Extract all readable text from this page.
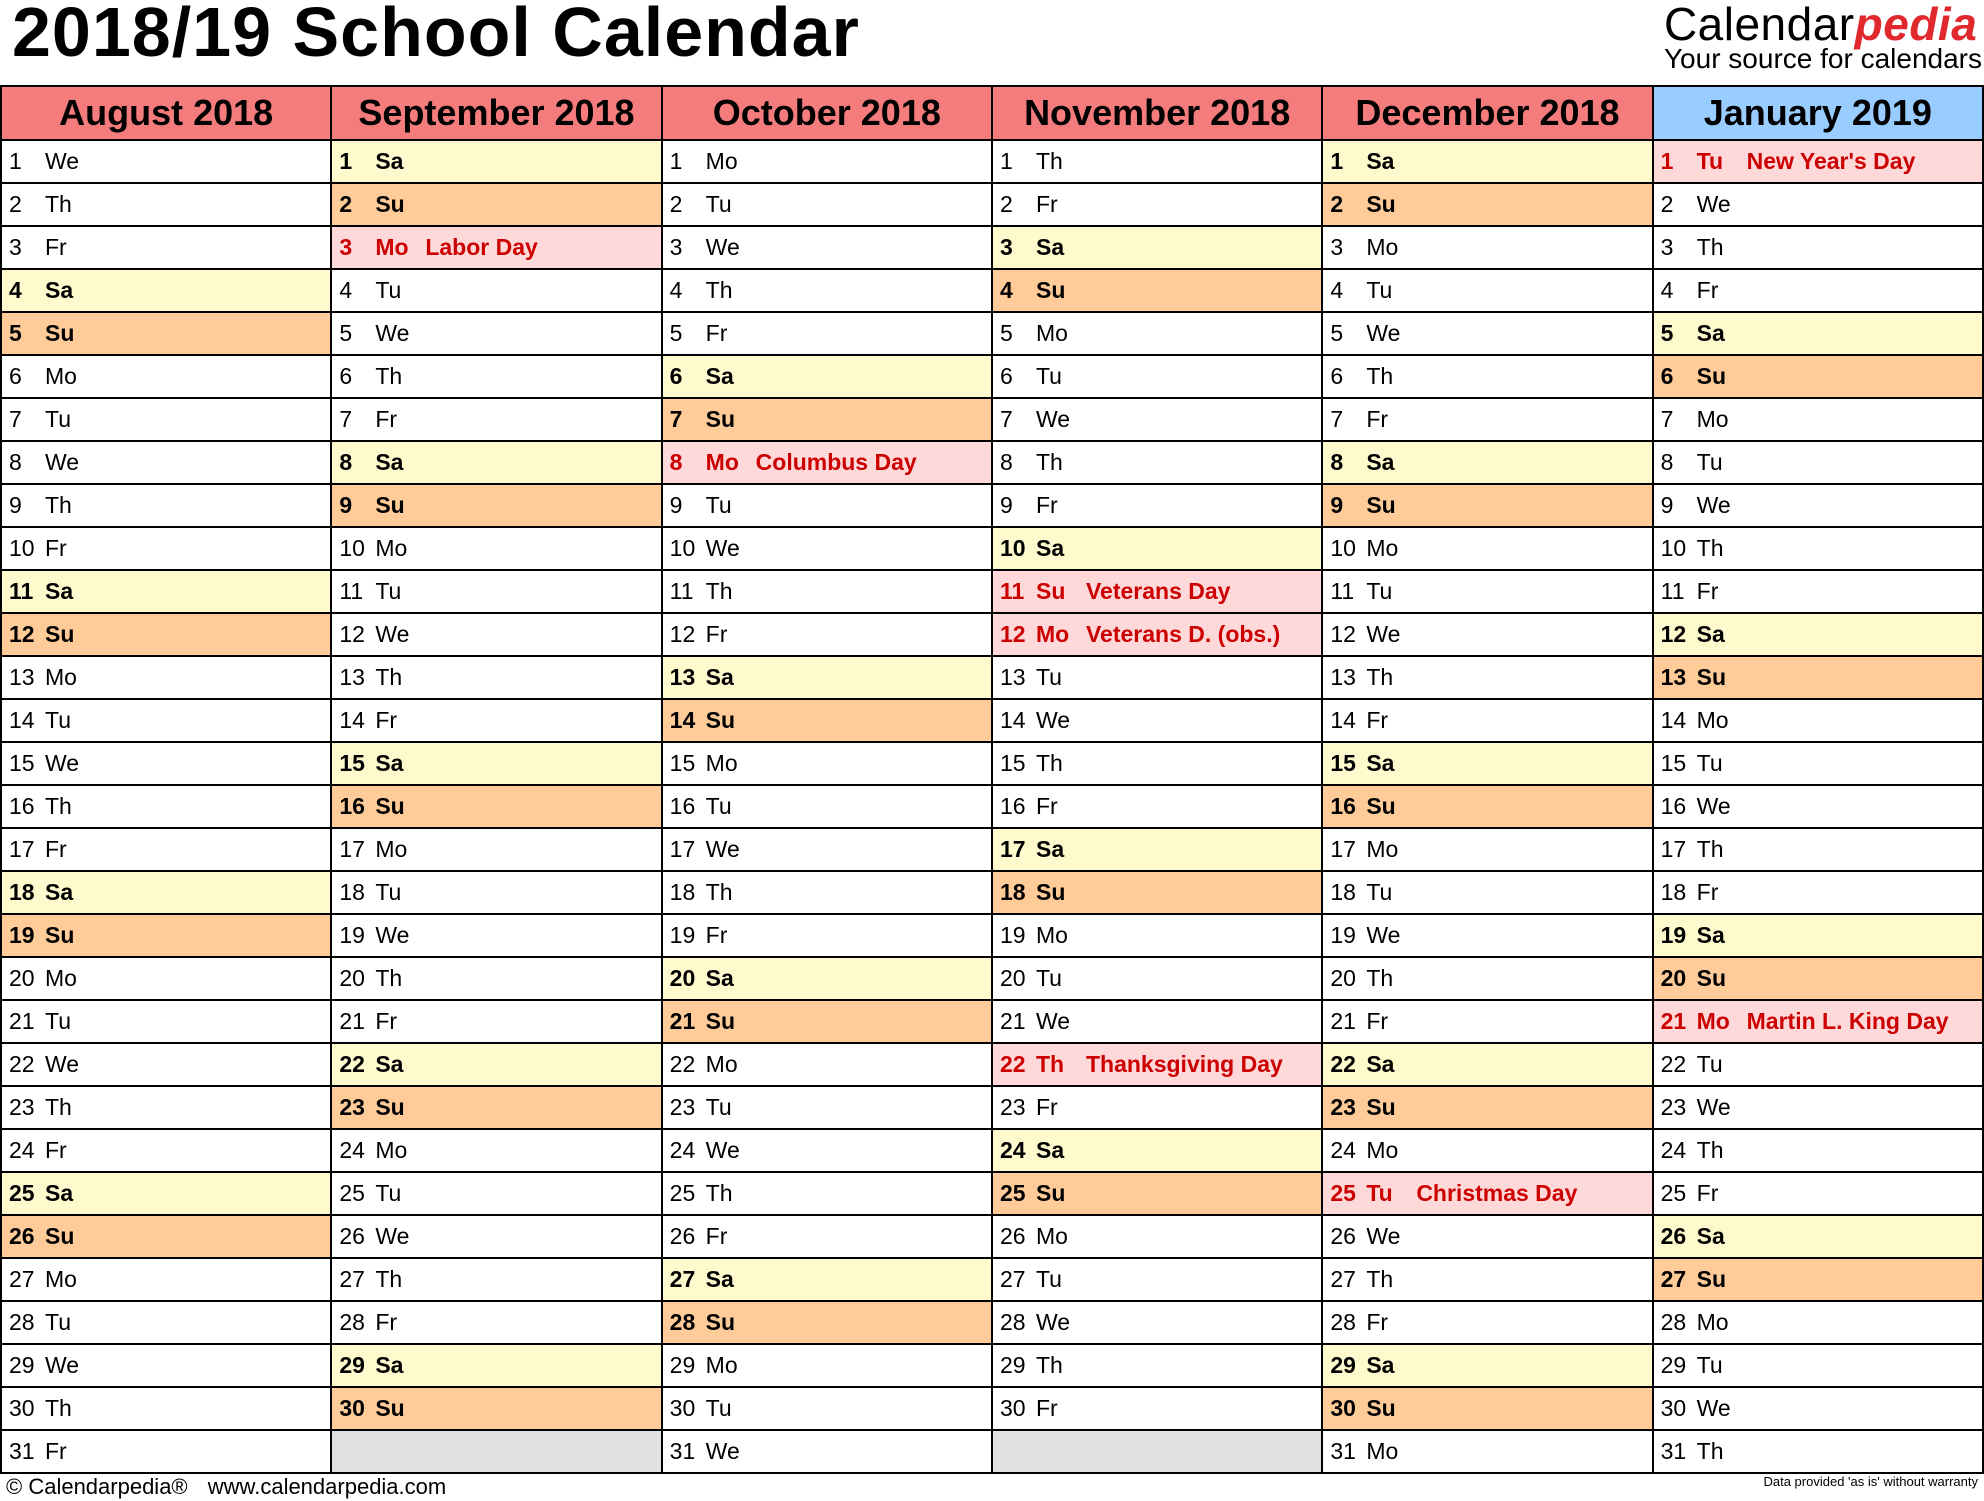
2018/19 School Calendar	Calendarpedia
Your source for calendars
August 2018	September 2018	October 2018	November 2018	December 2018	January 2019

1 We	1 Sa	1 Mo	1 Th	1 Sa	1 Tu New Year's Day

2 Th	2 Su	2 Tu	2 Fr	2 Su	2 We

3 Fr	3 Mo Labor Day	3 We	3 Sa	3 Mo	3 Th

4 Sa	4 Tu	4 Th	4 Su	4 Tu	4 Fr

5 Su	5 We	5 Fr	5 Mo	5 We	5 Sa

6 Mo	6 Th	6 Sa	6 Tu	6 Th	6 Su

7 Tu	7 Fr	7 Su	7 We	7 Fr	7 Mo

8 We	8 Sa	8 Mo Columbus Day	8 Th	8 Sa	8 Tu

9 Th	9 Su	9 Tu	9 Fr	9 Su	9 We

10 Fr	10 Mo	10 We	10 Sa	10 Mo	10 Th

11 Sa	11 Tu	11 Th	11 Su Veterans Day	11 Tu	11 Fr

12 Su	12 We	12 Fr	12 Mo Veterans D. (obs.)	12 We	12 Sa

13 Mo	13 Th	13 Sa	13 Tu	13 Th	13 Su

14 Tu	14 Fr	14 Su	14 We	14 Fr	14 Mo

15 We	15 Sa	15 Mo	15 Th	15 Sa	15 Tu

16 Th	16 Su	16 Tu	16 Fr	16 Su	16 We

17 Fr	17 Mo	17 We	17 Sa	17 Mo	17 Th

18 Sa	18 Tu	18 Th	18 Su	18 Tu	18 Fr

19 Su	19 We	19 Fr	19 Mo	19 We	19 Sa

20 Mo	20 Th	20 Sa	20 Tu	20 Th	20 Su

21 Tu	21 Fr	21 Su	21 We	21 Fr	21 Mo Martin L. King Day

22 We	22 Sa	22 Mo	22 Th Thanksgiving Day	22 Sa	22 Tu

23 Th	23 Su	23 Tu	23 Fr	23 Su	23 We

24 Fr	24 Mo	24 We	24 Sa	24 Mo	24 Th

25 Sa	25 Tu	25 Th	25 Su	25 Tu Christmas Day	25 Fr

26 Su	26 We	26 Fr	26 Mo	26 We	26 Sa

27 Mo	27 Th	27 Sa	27 Tu	27 Th	27 Su

28 Tu	28 Fr	28 Su	28 We	28 Fr	28 Mo

29 We	29 Sa	29 Mo	29 Th	29 Sa	29 Tu

30 Th	30 Su	30 Tu	30 Fr	30 Su	30 We

31 Fr		31 We		31 Mo	31 Th
© Calendarpedia® www.calendarpedia.com	Data provided 'as is' without warranty
